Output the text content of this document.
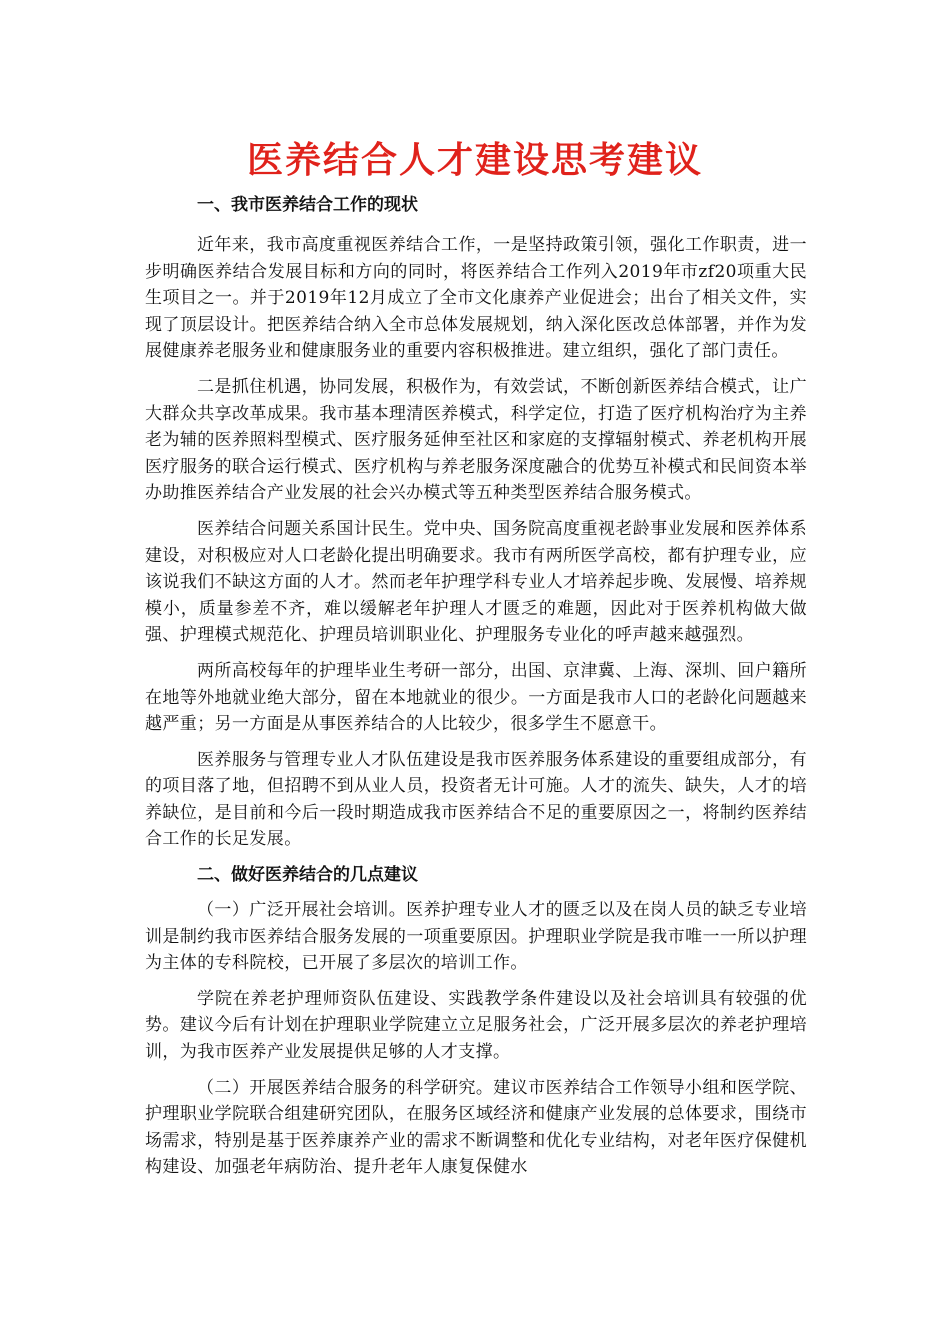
医养结合人才建设思考建议

一、我市医养结合工作的现状

近年来，我市高度重视医养结合工作，一是坚持政策引领，强化工作职责，进一步明确医养结合发展目标和方向的同时，将医养结合工作列入2019年市zf20项重大民生项目之一。并于2019年12月成立了全市文化康养产业促进会；出台了相关文件，实现了顶层设计。把医养结合纳入全市总体发展规划，纳入深化医改总体部署，并作为发展健康养老服务业和健康服务业的重要内容积极推进。建立组织，强化了部门责任。

二是抓住机遇，协同发展，积极作为，有效尝试，不断创新医养结合模式，让广大群众共享改革成果。我市基本理清医养模式，科学定位，打造了医疗机构治疗为主养老为辅的医养照料型模式、医疗服务延伸至社区和家庭的支撑辐射模式、养老机构开展医疗服务的联合运行模式、医疗机构与养老服务深度融合的优势互补模式和民间资本举办助推医养结合产业发展的社会兴办模式等五种类型医养结合服务模式。

医养结合问题关系国计民生。党中央、国务院高度重视老龄事业发展和医养体系建设，对积极应对人口老龄化提出明确要求。我市有两所医学高校，都有护理专业，应该说我们不缺这方面的人才。然而老年护理学科专业人才培养起步晚、发展慢、培养规模小，质量参差不齐，难以缓解老年护理人才匮乏的难题，因此对于医养机构做大做强、护理模式规范化、护理员培训职业化、护理服务专业化的呼声越来越强烈。

两所高校每年的护理毕业生考研一部分，出国、京津冀、上海、深圳、回户籍所在地等外地就业绝大部分，留在本地就业的很少。一方面是我市人口的老龄化问题越来越严重；另一方面是从事医养结合的人比较少，很多学生不愿意干。

医养服务与管理专业人才队伍建设是我市医养服务体系建设的重要组成部分，有的项目落了地，但招聘不到从业人员，投资者无计可施。人才的流失、缺失，人才的培养缺位，是目前和今后一段时期造成我市医养结合不足的重要原因之一，将制约医养结合工作的长足发展。

二、做好医养结合的几点建议

（一）广泛开展社会培训。医养护理专业人才的匮乏以及在岗人员的缺乏专业培训是制约我市医养结合服务发展的一项重要原因。护理职业学院是我市唯一一所以护理为主体的专科院校，已开展了多层次的培训工作。

学院在养老护理师资队伍建设、实践教学条件建设以及社会培训具有较强的优势。建议今后有计划在护理职业学院建立立足服务社会，广泛开展多层次的养老护理培训，为我市医养产业发展提供足够的人才支撑。

（二）开展医养结合服务的科学研究。建议市医养结合工作领导小组和医学院、护理职业学院联合组建研究团队，在服务区域经济和健康产业发展的总体要求，围绕市场需求，特别是基于医养康养产业的需求不断调整和优化专业结构，对老年医疗保健机构建设、加强老年病防治、提升老年人康复保健水
